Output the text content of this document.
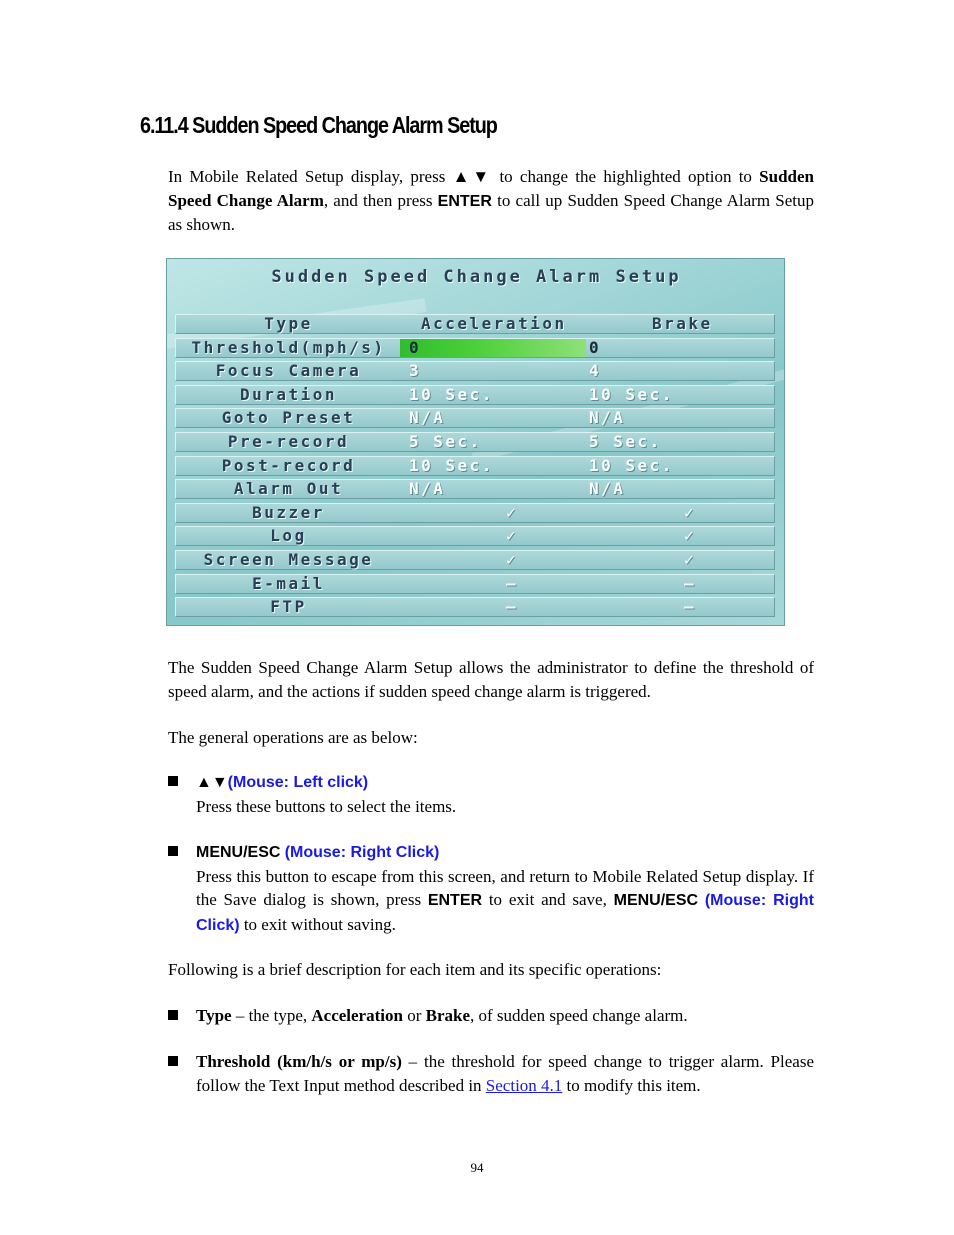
6.11.4 Sudden Speed Change Alarm Setup
In Mobile Related Setup display, press ▲▼ to change the highlighted option to Sudden Speed Change Alarm, and then press ENTER to call up Sudden Speed Change Alarm Setup as shown.
Sudden Speed Change Alarm Setup
Type	Acceleration	Brake
Threshold(mph/s)	0	0
Focus Camera	3	4
Duration	10 Sec.	10 Sec.
Goto Preset	N/A	N/A
Pre-record	5 Sec.	5 Sec.
Post-record	10 Sec.	10 Sec.
Alarm Out	N/A	N/A
Buzzer	✓	✓
Log	✓	✓
Screen Message	✓	✓
E-mail	–	–
FTP	–	–
The Sudden Speed Change Alarm Setup allows the administrator to define the threshold of speed alarm, and the actions if sudden speed change alarm is triggered.
The general operations are as below:
▲▼(Mouse: Left click)
Press these buttons to select the items.
MENU/ESC (Mouse: Right Click)
Press this button to escape from this screen, and return to Mobile Related Setup display. If the Save dialog is shown, press ENTER to exit and save, MENU/ESC (Mouse: Right Click) to exit without saving.
Following is a brief description for each item and its specific operations:
Type – the type, Acceleration or Brake, of sudden speed change alarm.
Threshold (km/h/s or mp/s) – the threshold for speed change to trigger alarm. Please follow the Text Input method described in Section 4.1 to modify this item.
94
